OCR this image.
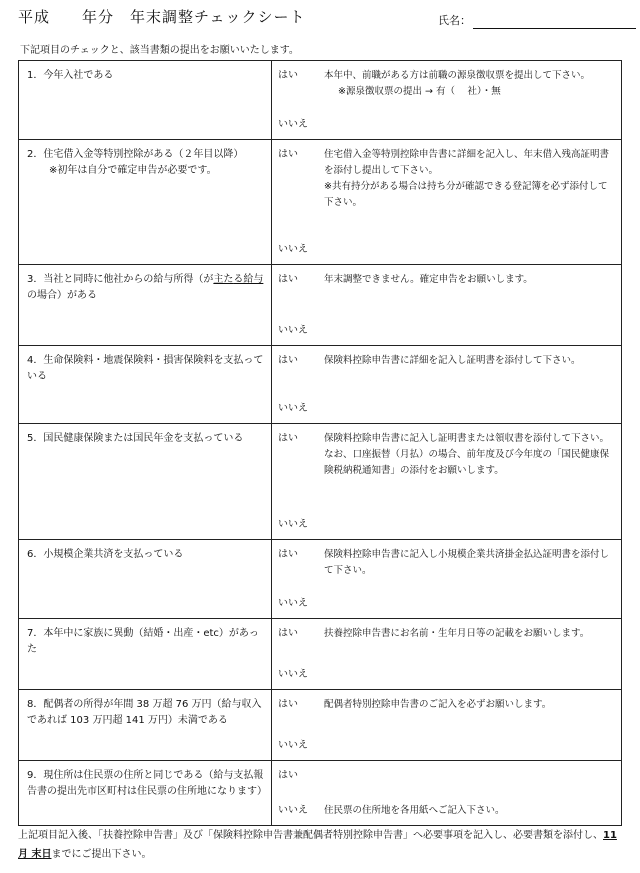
平成　　年分　年末調整チェックシート	氏名：
下記項目のチェックと、該当書類の提出をお願いいたします。
1．今年入社である	はい 本年中、前職がある方は前職の源泉徴収票を提出して下さい。
※源泉徴収票の提出 → 有（　 社）・無
いいえ

2．住宅借入金等特別控除がある（２年目以降）
※初年は自分で確定申告が必要です。	はい 住宅借入金等特別控除申告書に詳細を記入し、年末借入残高証明書を添付し提出して下さい。
※共有持分がある場合は持ち分が確認できる登記簿を必ず添付して下さい。
いいえ

3．当社と同時に他社からの給与所得（が主たる給与の場合）がある	はい 年末調整できません。確定申告をお願いします。
いいえ

4．生命保険料・地震保険料・損害保険料を支払っている	はい 保険料控除申告書に詳細を記入し証明書を添付して下さい。
いいえ

5．国民健康保険または国民年金を支払っている	はい 保険料控除申告書に記入し証明書または領収書を添付して下さい。なお、口座振替（月払）の場合、前年度及び今年度の「国民健康保険税納税通知書」の添付をお願いします。
いいえ

6．小規模企業共済を支払っている	はい 保険料控除申告書に記入し小規模企業共済掛金払込証明書を添付して下さい。
いいえ

7．本年中に家族に異動（結婚・出産・etc）があった	はい 扶養控除申告書にお名前・生年月日等の記載をお願いします。
いいえ

8．配偶者の所得が年間 38 万超 76 万円（給与収入であれば 103 万円超 141 万円）未満である	はい 配偶者特別控除申告書のご記入を必ずお願いします。
いいえ

9．現住所は住民票の住所と同じである（給与支払報告書の提出先市区町村は住民票の住所地になります）	はい
いいえ 住民票の住所地を各用紙へご記入下さい。
上記項目記入後、「扶養控除申告書」及び「保険料控除申告書兼配偶者特別控除申告書」へ必要事項を記入し、必要書類を添付し、11 月 末日までにご提出下さい。
